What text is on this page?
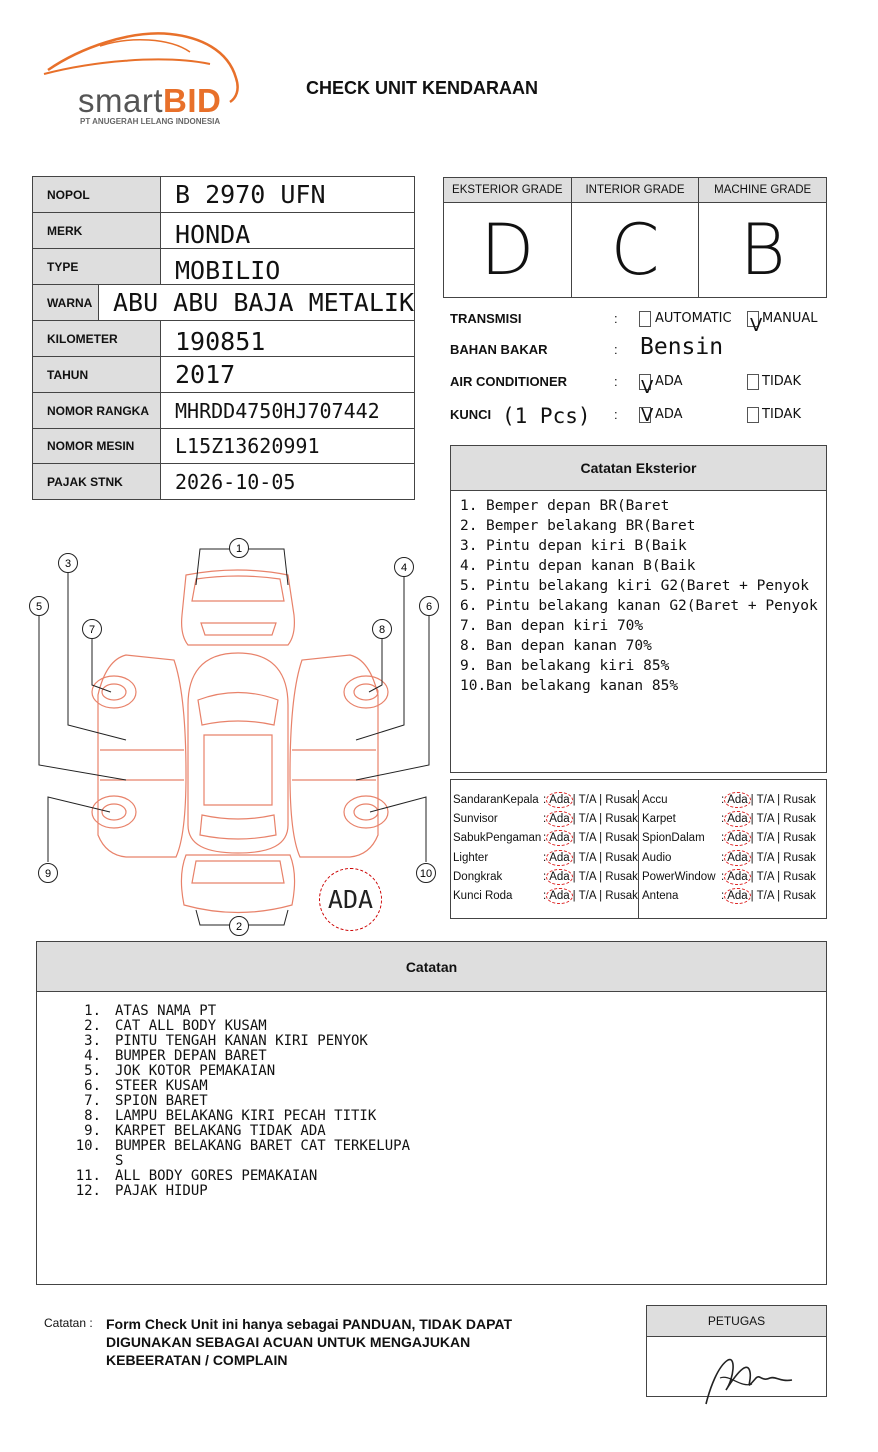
smartBID
PT ANUGERAH LELANG INDONESIA
CHECK UNIT KENDARAAN
NOPOL	B 2970 UFN
MERK	HONDA
TYPE	MOBILIO
WARNA ABU ABU BAJA METALIK
KILOMETER	190851
TAHUN	2017
NOMOR RANGKA	MHRDD4750HJ707442
NOMOR MESIN	L15Z13620991
PAJAK STNK	2026-10-05
EKSTERIOR GRADE
D
INTERIOR GRADE
C
MACHINE GRADE
B
TRANSMISI	:	AUTOMATIC V MANUAL
BAHAN BAKAR	: Bensin
AIR CONDITIONER	: V ADA	TIDAK
KUNCI (1 Pcs) : V ADA	TIDAK
Catatan Eksterior
1. Bemper depan BR(Baret
2. Bemper belakang BR(Baret
3. Pintu depan kiri B(Baik
4. Pintu depan kanan B(Baik
5. Pintu belakang kiri G2(Baret + Penyok
6. Pintu belakang kanan G2(Baret + Penyok
7. Ban depan kiri 70%
8. Ban depan kanan 70%
9. Ban belakang kiri 85%
10. Ban belakang kanan 85%
SandaranKepala : Ada | T/A | Rusak
Sunvisor	: Ada | T/A | Rusak
SabukPengaman : Ada | T/A | Rusak
Lighter	: Ada | T/A | Rusak
Dongkrak	: Ada | T/A | Rusak
Kunci Roda	: Ada | T/A | Rusak
Accu	: Ada | T/A | Rusak
Karpet	: Ada | T/A | Rusak
SpionDalam	: Ada | T/A | Rusak
Audio	: Ada | T/A | Rusak
PowerWindow : Ada | T/A | Rusak
Antena	: Ada | T/A | Rusak
1
2
3	4
5	6
7	8
9	10
ADA
Catatan
1.	ATAS NAMA PT
2.	CAT ALL BODY KUSAM
3.	PINTU TENGAH KANAN KIRI PENYOK
4.	BUMPER DEPAN BARET
5.	JOK KOTOR PEMAKAIAN
6.	STEER KUSAM
7.	SPION BARET
8.	LAMPU BELAKANG KIRI PECAH TITIK
9.	KARPET BELAKANG TIDAK ADA
10.	BUMPER BELAKANG BARET CAT TERKELUPAS
11.	ALL BODY GORES PEMAKAIAN
12.	PAJAK HIDUP
Catatan : Form Check Unit ini hanya sebagai PANDUAN, TIDAK DAPAT DIGUNAKAN SEBAGAI ACUAN UNTUK MENGAJUKAN KEBEERATAN / COMPLAIN
PETUGAS
